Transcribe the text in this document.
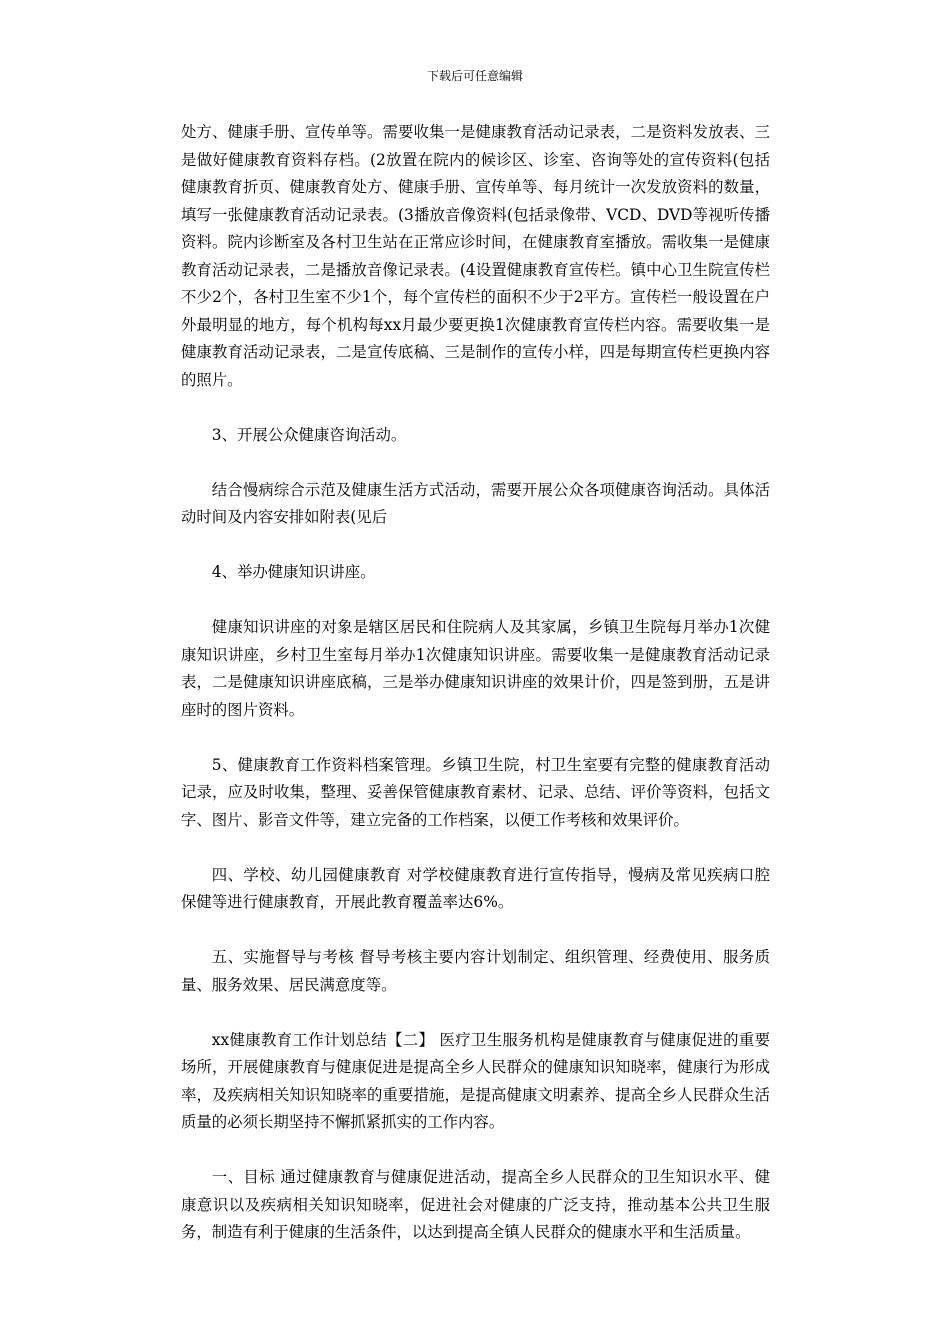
下载后可任意编辑

处方、健康手册、宣传单等。需要收集一是健康教育活动记录表，二是资料发放表、三是做好健康教育资料存档。(2放置在院内的候诊区、诊室、咨询等处的宣传资料(包括健康教育折页、健康教育处方、健康手册、宣传单等、每月统计一次发放资料的数量，填写一张健康教育活动记录表。(3播放音像资料(包括录像带、VCD、DVD等视听传播资料。院内诊断室及各村卫生站在正常应诊时间，在健康教育室播放。需收集一是健康教育活动记录表，二是播放音像记录表。(4设置健康教育宣传栏。镇中心卫生院宣传栏不少2个，各村卫生室不少1个，每个宣传栏的面积不少于2平方。宣传栏一般设置在户外最明显的地方，每个机构每xx月最少要更换1次健康教育宣传栏内容。需要收集一是健康教育活动记录表，二是宣传底稿、三是制作的宣传小样，四是每期宣传栏更换内容的照片。

3、开展公众健康咨询活动。

结合慢病综合示范及健康生活方式活动，需要开展公众各项健康咨询活动。具体活动时间及内容安排如附表(见后

4、举办健康知识讲座。

健康知识讲座的对象是辖区居民和住院病人及其家属，乡镇卫生院每月举办1次健康知识讲座，乡村卫生室每月举办1次健康知识讲座。需要收集一是健康教育活动记录表，二是健康知识讲座底稿，三是举办健康知识讲座的效果计价，四是签到册，五是讲座时的图片资料。

5、健康教育工作资料档案管理。乡镇卫生院，村卫生室要有完整的健康教育活动记录，应及时收集，整理、妥善保管健康教育素材、记录、总结、评价等资料，包括文字、图片、影音文件等，建立完备的工作档案，以便工作考核和效果评价。

四、学校、幼儿园健康教育 对学校健康教育进行宣传指导，慢病及常见疾病口腔保健等进行健康教育，开展此教育覆盖率达6%。

五、实施督导与考核 督导考核主要内容计划制定、组织管理、经费使用、服务质量、服务效果、居民满意度等。

xx健康教育工作计划总结【二】 医疗卫生服务机构是健康教育与健康促进的重要场所，开展健康教育与健康促进是提高全乡人民群众的健康知识知晓率，健康行为形成率，及疾病相关知识知晓率的重要措施，是提高健康文明素养、提高全乡人民群众生活质量的必须长期坚持不懈抓紧抓实的工作内容。

一、目标 通过健康教育与健康促进活动，提高全乡人民群众的卫生知识水平、健康意识以及疾病相关知识知晓率，促进社会对健康的广泛支持，推动基本公共卫生服务，制造有利于健康的生活条件，以达到提高全镇人民群众的健康水平和生活质量。
